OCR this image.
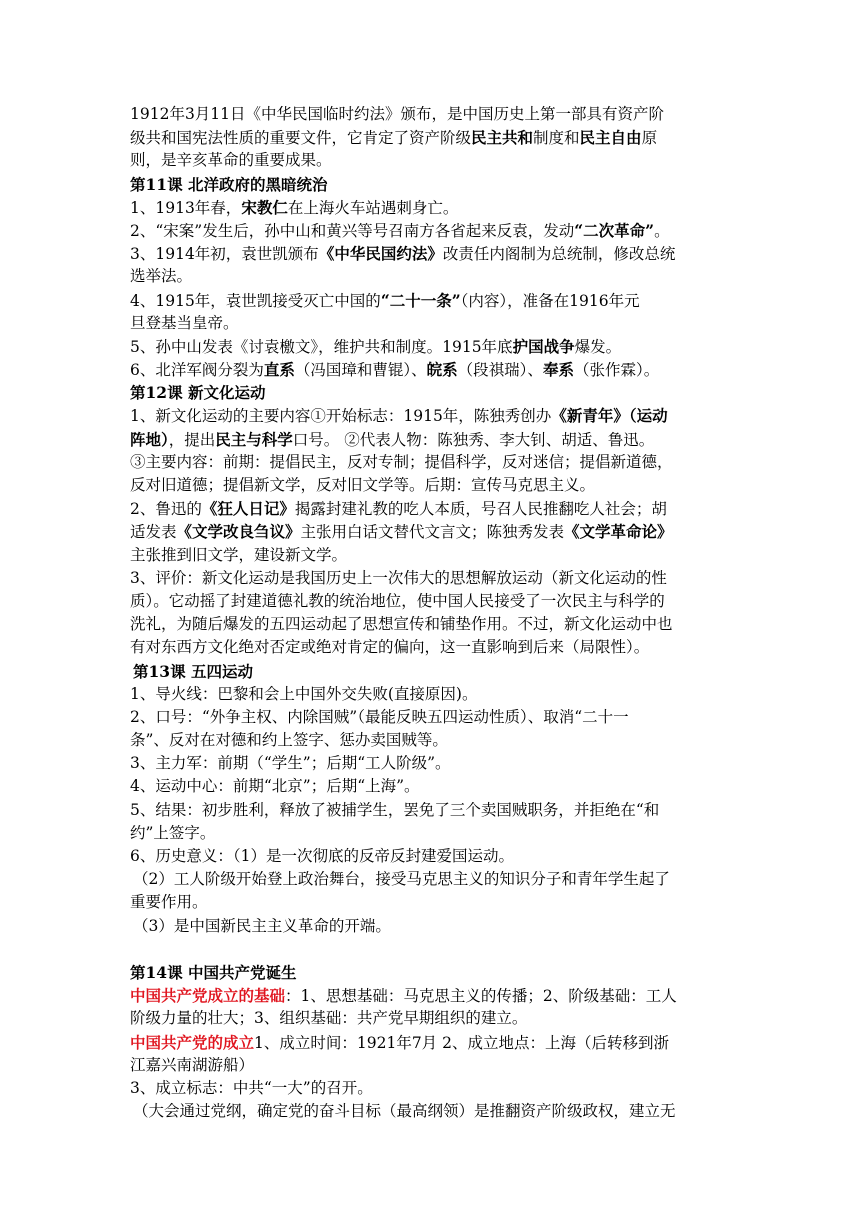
1912年3月11日《中华民国临时约法》颁布，是中国历史上第一部具有资产阶
级共和国宪法性质的重要文件，它肯定了资产阶级民主共和制度和民主自由原
则，是辛亥革命的重要成果。
第11课 北洋政府的黑暗统治
1、1913年春，宋教仁在上海火车站遇刺身亡。
2、“宋案”发生后，孙中山和黄兴等号召南方各省起来反袁，发动“二次革命”。
3、1914年初，袁世凯颁布《中华民国约法》改责任内阁制为总统制，修改总统
选举法。
4、1915年，袁世凯接受灭亡中国的“二十一条”（内容），准备在1916年元
旦登基当皇帝。
5、孙中山发表《讨袁檄文》，维护共和制度。1915年底护国战争爆发。
6、北洋军阀分裂为直系（冯国璋和曹锟）、皖系（段祺瑞）、奉系（张作霖）。
第12课 新文化运动
1、新文化运动的主要内容①开始标志：1915年，陈独秀创办《新青年》（运动
阵地），提出民主与科学口号。 ②代表人物：陈独秀、李大钊、胡适、鲁迅。
③主要内容：前期：提倡民主，反对专制；提倡科学，反对迷信；提倡新道德，
反对旧道德；提倡新文学，反对旧文学等。后期：宣传马克思主义。
2、鲁迅的《狂人日记》揭露封建礼教的吃人本质，号召人民推翻吃人社会；胡
适发表《文学改良刍议》主张用白话文替代文言文；陈独秀发表《文学革命论》
主张推到旧文学，建设新文学。
3、评价：新文化运动是我国历史上一次伟大的思想解放运动（新文化运动的性
质）。它动摇了封建道德礼教的统治地位，使中国人民接受了一次民主与科学的
洗礼，为随后爆发的五四运动起了思想宣传和铺垫作用。不过，新文化运动中也
有对东西方文化绝对否定或绝对肯定的偏向，这一直影响到后来（局限性）。
第13课 五四运动
1、导火线：巴黎和会上中国外交失败(直接原因)。
2、口号：“外争主权、内除国贼”（最能反映五四运动性质）、取消“二十一
条”、反对在对德和约上签字、惩办卖国贼等。
3、主力军：前期（“学生”；后期“工人阶级”。
4、运动中心：前期“北京”；后期“上海”。
5、结果：初步胜利，释放了被捕学生，罢免了三个卖国贼职务，并拒绝在“和
约”上签字。
6、历史意义：（1）是一次彻底的反帝反封建爱国运动。
（2）工人阶级开始登上政治舞台，接受马克思主义的知识分子和青年学生起了
重要作用。
（3）是中国新民主主义革命的开端。
第14课 中国共产党诞生
中国共产党成立的基础：1、思想基础：马克思主义的传播；2、阶级基础：工人
阶级力量的壮大；3、组织基础：共产党早期组织的建立。
中国共产党的成立1、成立时间：1921年7月 2、成立地点：上海（后转移到浙
江嘉兴南湖游船）
3、成立标志：中共“一大”的召开。
（大会通过党纲，确定党的奋斗目标（最高纲领）是推翻资产阶级政权，建立无
